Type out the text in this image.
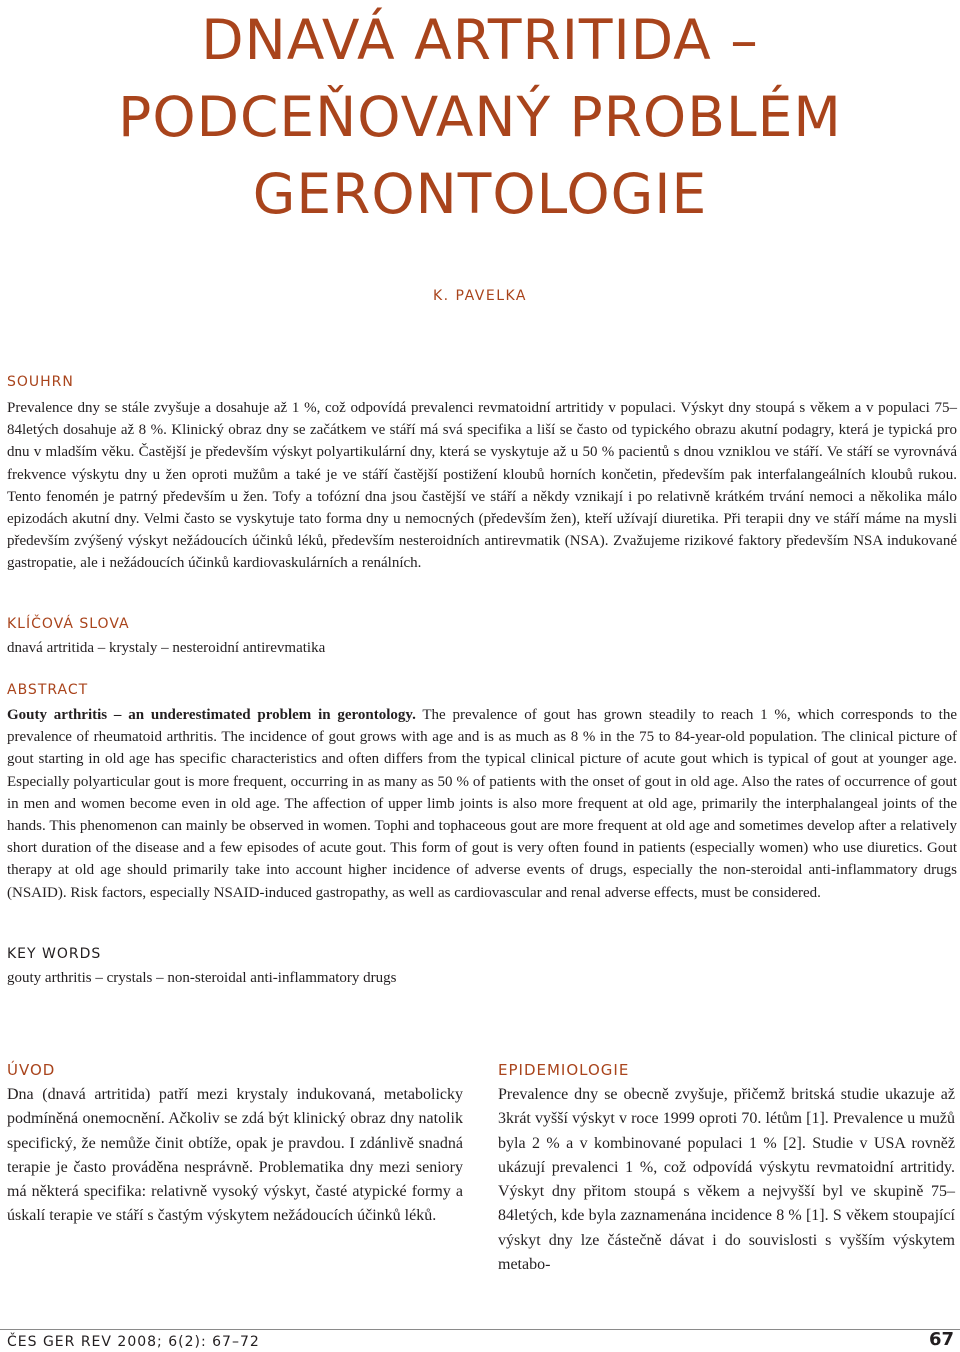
DNAVÁ ARTRITIDA –
PODCEŇOVANÝ PROBLÉM
GERONTOLOGIE

K. PAVELKA

SOUHRN

Prevalence dny se stále zvyšuje a dosahuje až 1 %, což odpovídá prevalenci revmatoidní artritidy v populaci. Výskyt dny stoupá s věkem a v populaci 75–84letých dosahuje až 8 %. Klinický obraz dny se začátkem ve stáří má svá specifika a liší se často od typického obrazu akutní podagry, která je typická pro dnu v mladším věku. Častější je především výskyt polyartikulární dny, která se vyskytuje až u 50 % pacientů s dnou vzniklou ve stáří. Ve stáří se vyrovnává frekvence výskytu dny u žen oproti mužům a také je ve stáří častější postižení kloubů horních končetin, především pak interfalangeálních kloubů rukou. Tento fenomén je patrný především u žen. Tofy a tofózní dna jsou častější ve stáří a někdy vznikají i po relativně krátkém trvání nemoci a několika málo epizodách akutní dny. Velmi často se vyskytuje tato forma dny u nemocných (především žen), kteří užívají diuretika. Při terapii dny ve stáří máme na mysli především zvýšený výskyt nežádoucích účinků léků, především nesteroidních antirevmatik (NSA). Zvažujeme rizikové faktory především NSA indukované gastropatie, ale i nežádoucích účinků kardiovaskulárních a renálních.

KLÍČOVÁ SLOVA

dnavá artritida – krystaly – nesteroidní antirevmatika

ABSTRACT

Gouty arthritis – an underestimated problem in gerontology. The prevalence of gout has grown steadily to reach 1 %, which corresponds to the prevalence of rheumatoid arthritis. The incidence of gout grows with age and is as much as 8 % in the 75 to 84-year-old population. The clinical picture of gout starting in old age has specific characteristics and often differs from the typical clinical picture of acute gout which is typical of gout at younger age. Especially polyarticular gout is more frequent, occurring in as many as 50 % of patients with the onset of gout in old age. Also the rates of occurrence of gout in men and women become even in old age. The affection of upper limb joints is also more frequent at old age, primarily the interphalangeal joints of the hands. This phenomenon can mainly be observed in women. Tophi and tophaceous gout are more frequent at old age and sometimes develop after a relatively short duration of the disease and a few episodes of acute gout. This form of gout is very often found in patients (especially women) who use diuretics. Gout therapy at old age should primarily take into account higher incidence of adverse events of drugs, especially the non-steroidal anti-inflammatory drugs (NSAID). Risk factors, especially NSAID-induced gastropathy, as well as cardiovascular and renal adverse effects, must be considered.

KEY WORDS

gouty arthritis – crystals – non-steroidal anti-inflammatory drugs

ÚVOD

Dna (dnavá artritida) patří mezi krystaly indukovaná, metabolicky podmíněná onemocnění. Ačkoliv se zdá být klinický obraz dny natolik specifický, že nemůže činit obtíže, opak je pravdou. I zdánlivě snadná terapie je často prováděna nesprávně. Problematika dny mezi seniory má některá specifika: relativně vysoký výskyt, časté atypické formy a úskalí terapie ve stáří s častým výskytem nežádoucích účinků léků.

EPIDEMIOLOGIE

Prevalence dny se obecně zvyšuje, přičemž britská studie ukazuje až 3krát vyšší výskyt v roce 1999 oproti 70. létům [1]. Prevalence u mužů byla 2 % a v kombinované populaci 1 % [2]. Studie v USA rovněž ukázují prevalenci 1 %, což odpovídá výskytu revmatoidní artritidy. Výskyt dny přitom stoupá s věkem a nejvyšší byl ve skupině 75–84letých, kde byla zaznamenána incidence 8 % [1]. S věkem stoupající výskyt dny lze částečně dávat i do souvislosti s vyšším výskytem metabo-

ČES GER REV 2008; 6(2): 67–72	67
